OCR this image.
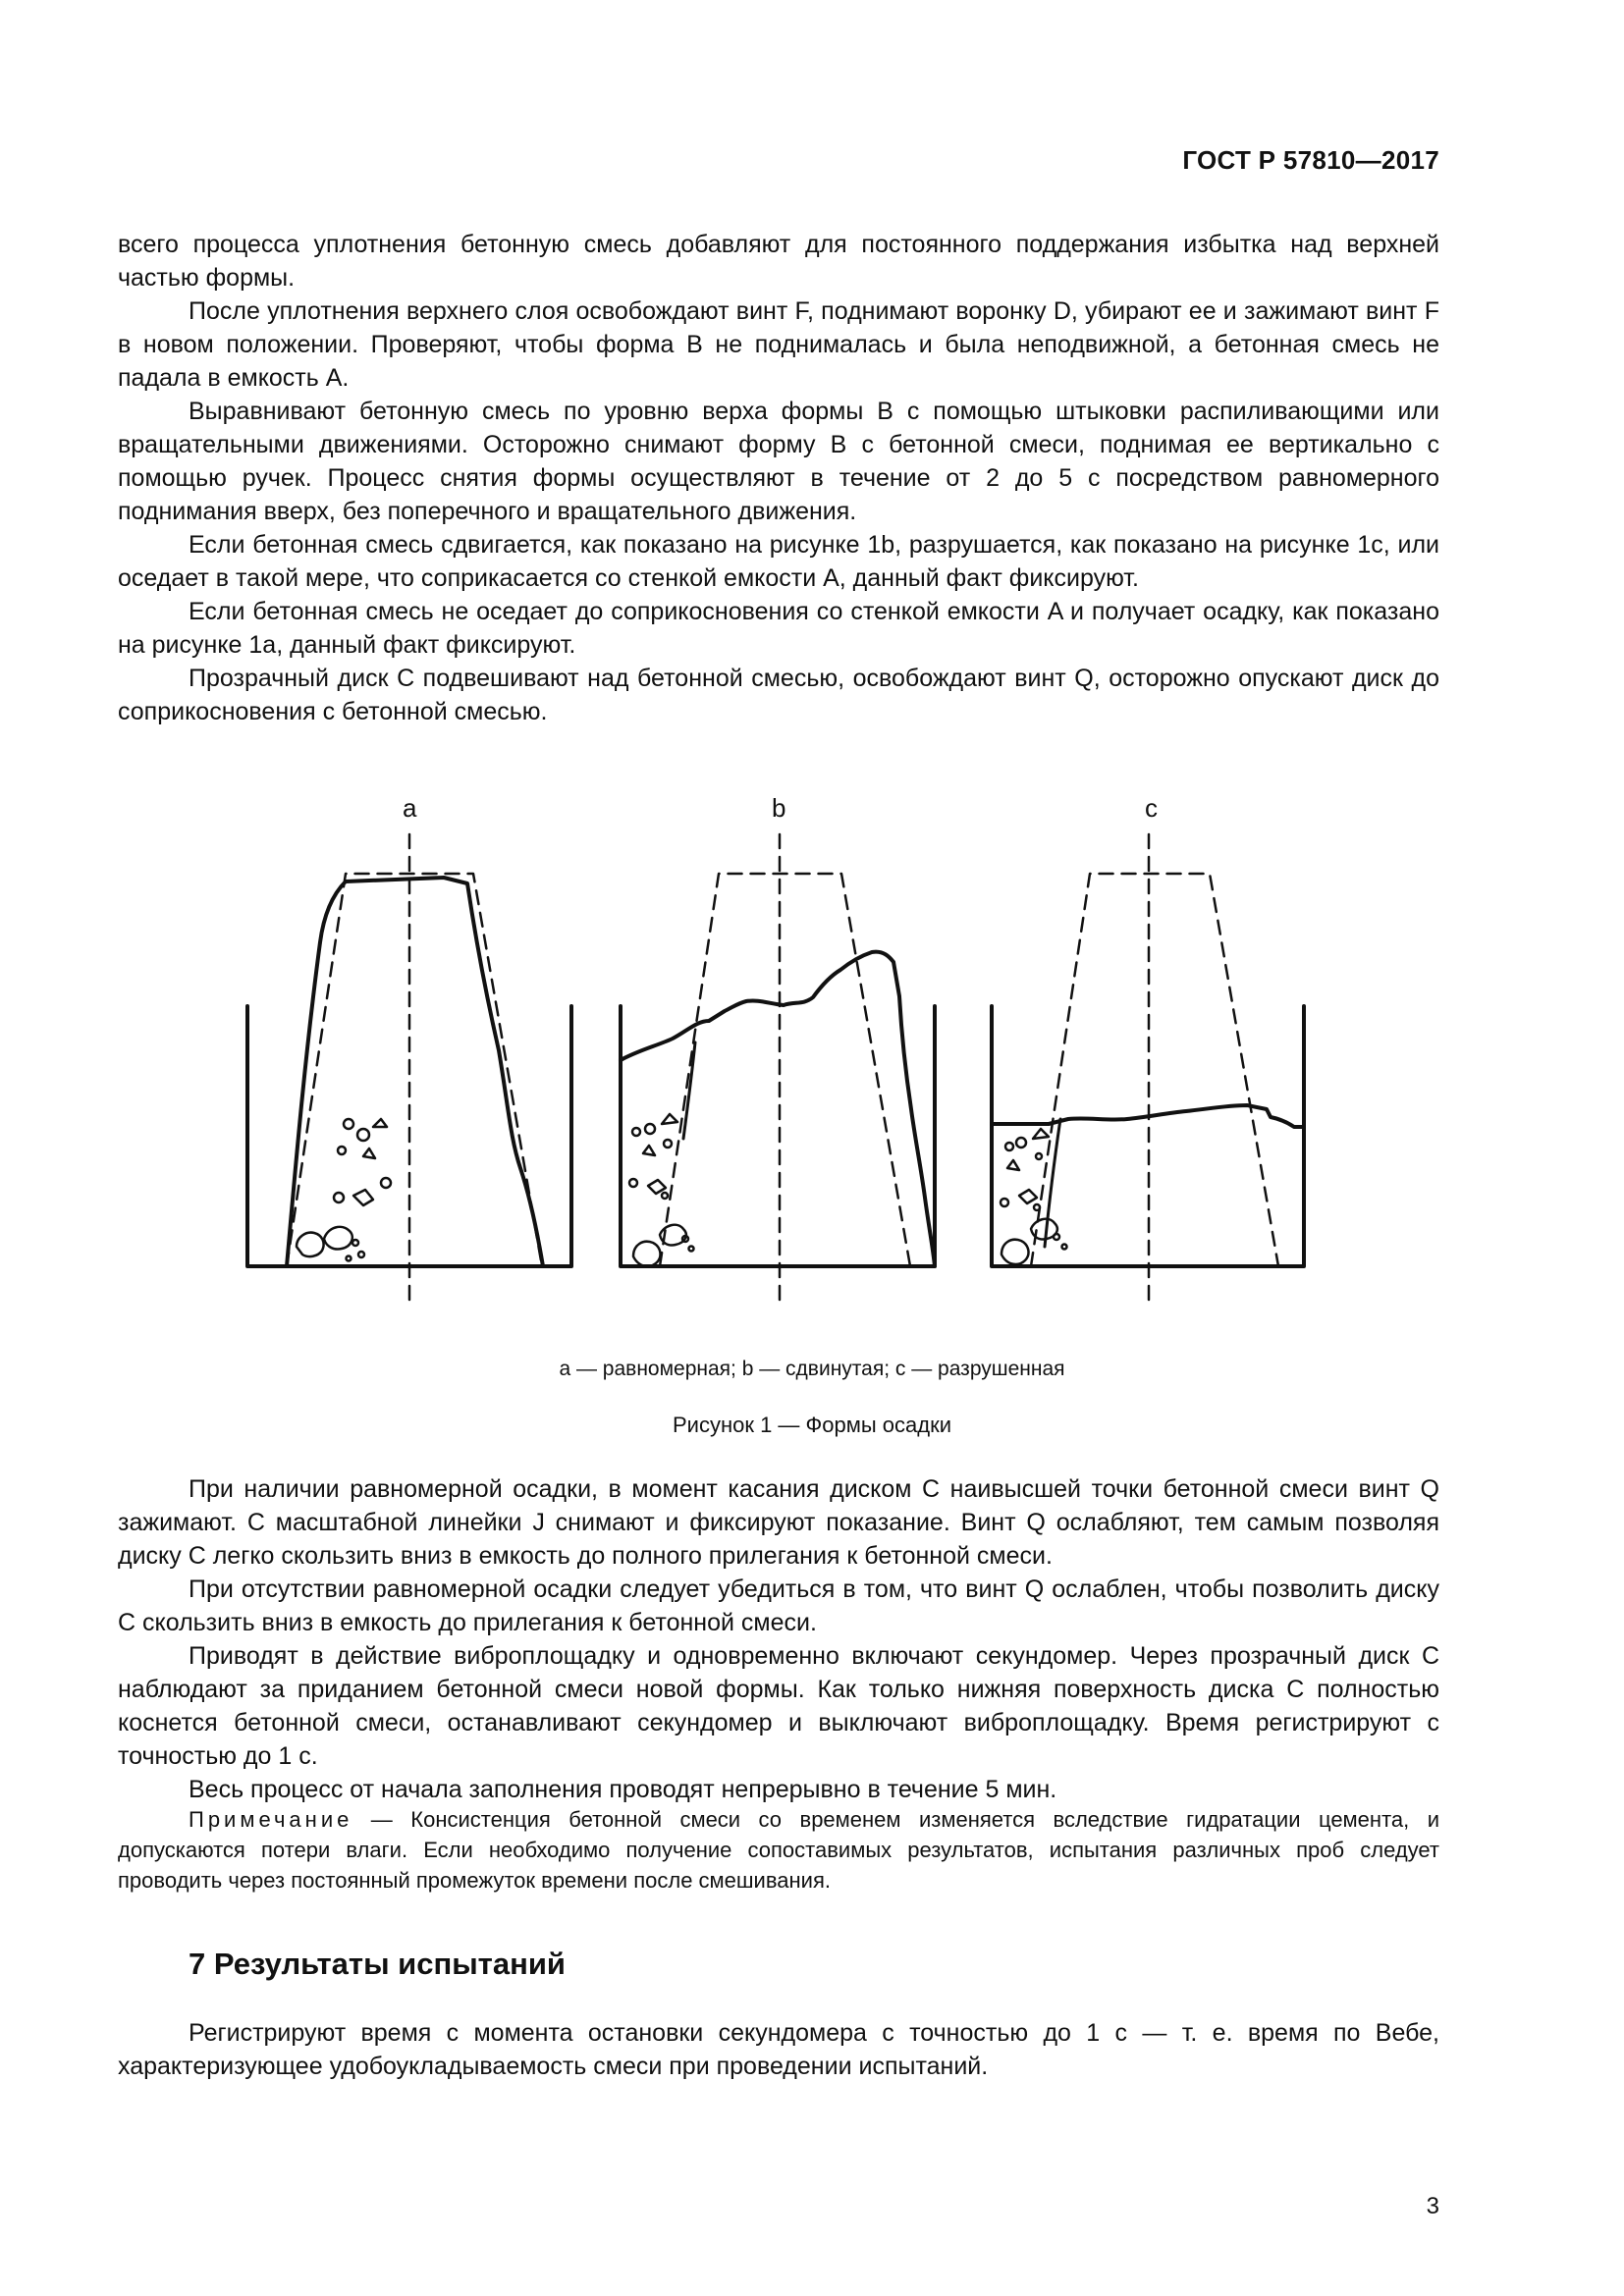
ГОСТ Р 57810—2017

всего процесса уплотнения бетонную смесь добавляют для постоянного поддержания избытка над верхней частью формы.

После уплотнения верхнего слоя освобождают винт F, поднимают воронку D, убирают ее и зажимают винт F в новом положении. Проверяют, чтобы форма B не поднималась и была неподвижной, а бетонная смесь не падала в емкость A.

Выравнивают бетонную смесь по уровню верха формы B с помощью штыковки распиливающими или вращательными движениями. Осторожно снимают форму B с бетонной смеси, поднимая ее вертикально с помощью ручек. Процесс снятия формы осуществляют в течение от 2 до 5 с посредством равномерного поднимания вверх, без поперечного и вращательного движения.

Если бетонная смесь сдвигается, как показано на рисунке 1b, разрушается, как показано на рисунке 1c, или оседает в такой мере, что соприкасается со стенкой емкости A, данный факт фиксируют.

Если бетонная смесь не оседает до соприкосновения со стенкой емкости A и получает осадку, как показано на рисунке 1a, данный факт фиксируют.

Прозрачный диск C подвешивают над бетонной смесью, освобождают винт Q, осторожно опускают диск до соприкосновения с бетонной смесью.

a	b	c
a — равномерная; b — сдвинутая; c — разрушенная
Рисунок 1 — Формы осадки

При наличии равномерной осадки, в момент касания диском C наивысшей точки бетонной смеси винт Q зажимают. С масштабной линейки J снимают и фиксируют показание. Винт Q ослабляют, тем самым позволяя диску C легко скользить вниз в емкость до полного прилегания к бетонной смеси.

При отсутствии равномерной осадки следует убедиться в том, что винт Q ослаблен, чтобы позволить диску C скользить вниз в емкость до прилегания к бетонной смеси.

Приводят в действие виброплощадку и одновременно включают секундомер. Через прозрачный диск C наблюдают за приданием бетонной смеси новой формы. Как только нижняя поверхность диска C полностью коснется бетонной смеси, останавливают секундомер и выключают виброплощадку. Время регистрируют с точностью до 1 с.

Весь процесс от начала заполнения проводят непрерывно в течение 5 мин.

Примечание — Консистенция бетонной смеси со временем изменяется вследствие гидратации цемента, и допускаются потери влаги. Если необходимо получение сопоставимых результатов, испытания различных проб следует проводить через постоянный промежуток времени после смешивания.

7 Результаты испытаний

Регистрируют время с момента остановки секундомера с точностью до 1 с — т. е. время по Вебе, характеризующее удобоукладываемость смеси при проведении испытаний.

3
